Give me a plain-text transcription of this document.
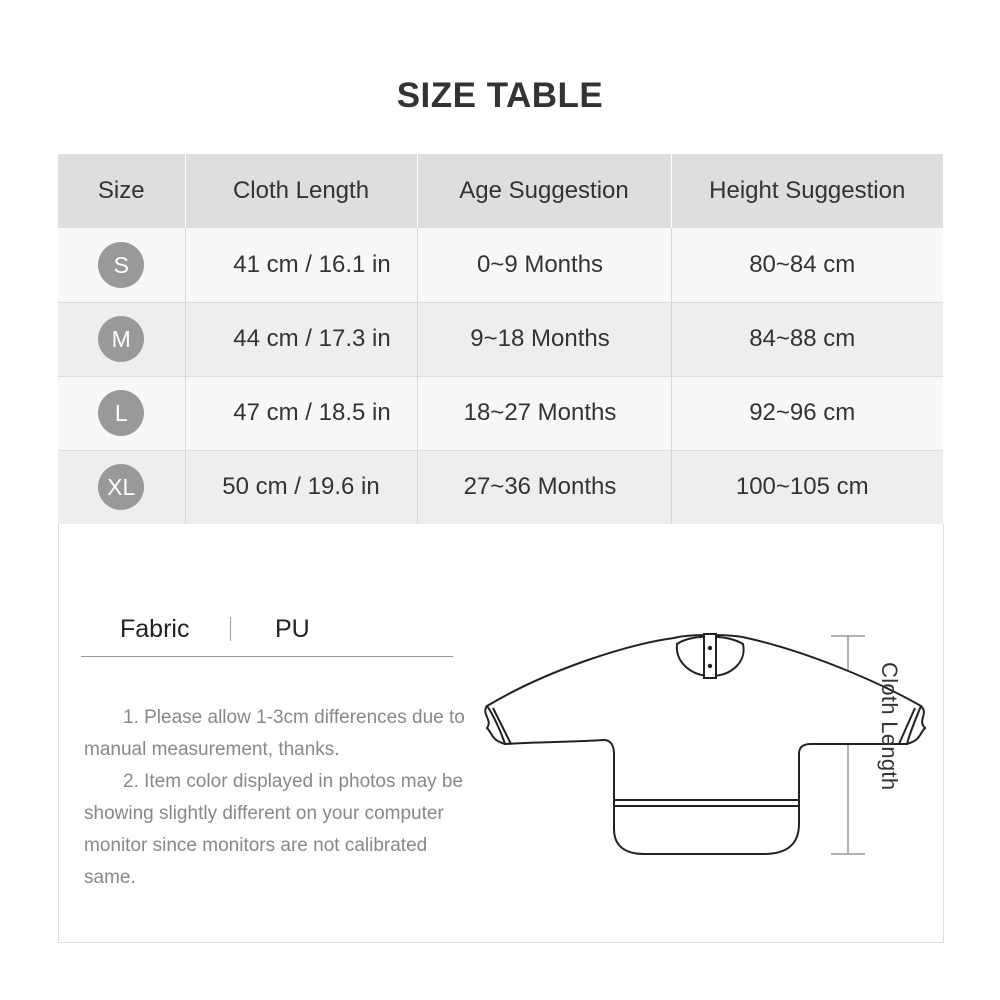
SIZE TABLE
Size	Cloth Length	Age Suggestion	Height Suggestion
S	41 cm / 16.1 in	0~9 Months	80~84 cm
M	44 cm / 17.3 in	9~18 Months	84~88 cm
L	47 cm / 18.5 in	18~27 Months	92~96 cm
XL	50 cm / 19.6 in	27~36 Months	100~105 cm
Fabric	PU

1. Please allow 1-3cm differences due to manual measurement, thanks.

2. Item color displayed in photos may be showing slightly different on your computer monitor since monitors are not calibrated same.

Cloth Length
